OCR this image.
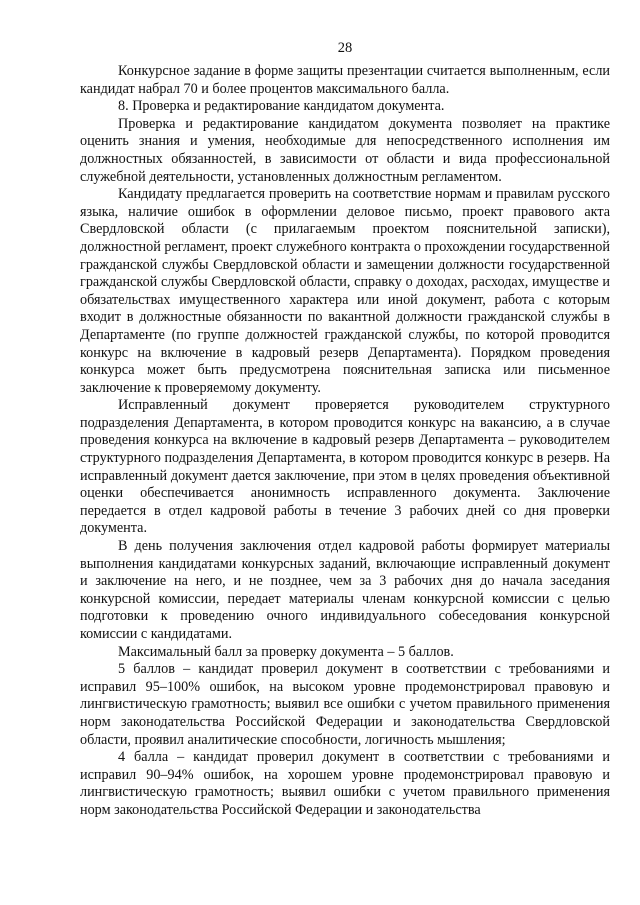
28

Конкурсное задание в форме защиты презентации считается выполненным, если кандидат набрал 70 и более процентов максимального балла.

8. Проверка и редактирование кандидатом документа.

Проверка и редактирование кандидатом документа позволяет на практике оценить знания и умения, необходимые для непосредственного исполнения им должностных обязанностей, в зависимости от области и вида профессиональной служебной деятельности, установленных должностным регламентом.

Кандидату предлагается проверить на соответствие нормам и правилам русского языка, наличие ошибок в оформлении деловое письмо, проект правового акта Свердловской области (с прилагаемым проектом пояснительной записки), должностной регламент, проект служебного контракта о прохождении государственной гражданской службы Свердловской области и замещении должности государственной гражданской службы Свердловской области, справку о доходах, расходах, имуществе и обязательствах имущественного характера или иной документ, работа с которым входит в должностные обязанности по вакантной должности гражданской службы в Департаменте (по группе должностей гражданской службы, по которой проводится конкурс на включение в кадровый резерв Департамента). Порядком проведения конкурса может быть предусмотрена пояснительная записка или письменное заключение к проверяемому документу.

Исправленный документ проверяется руководителем структурного подразделения Департамента, в котором проводится конкурс на вакансию, а в случае проведения конкурса на включение в кадровый резерв Департамента – руководителем структурного подразделения Департамента, в котором проводится конкурс в резерв. На исправленный документ дается заключение, при этом в целях проведения объективной оценки обеспечивается анонимность исправленного документа. Заключение передается в отдел кадровой работы в течение 3 рабочих дней со дня проверки документа.

В день получения заключения отдел кадровой работы формирует материалы выполнения кандидатами конкурсных заданий, включающие исправленный документ и заключение на него, и не позднее, чем за 3 рабочих дня до начала заседания конкурсной комиссии, передает материалы членам конкурсной комиссии с целью подготовки к проведению очного индивидуального собеседования конкурсной комиссии с кандидатами.

Максимальный балл за проверку документа – 5 баллов.

5 баллов – кандидат проверил документ в соответствии с требованиями и исправил 95–100% ошибок, на высоком уровне продемонстрировал правовую и лингвистическую грамотность; выявил все ошибки с учетом правильного применения норм законодательства Российской Федерации и законодательства Свердловской области, проявил аналитические способности, логичность мышления;

4 балла – кандидат проверил документ в соответствии с требованиями и исправил 90–94% ошибок, на хорошем уровне продемонстрировал правовую и лингвистическую грамотность; выявил ошибки с учетом правильного применения норм законодательства Российской Федерации и законодательства
